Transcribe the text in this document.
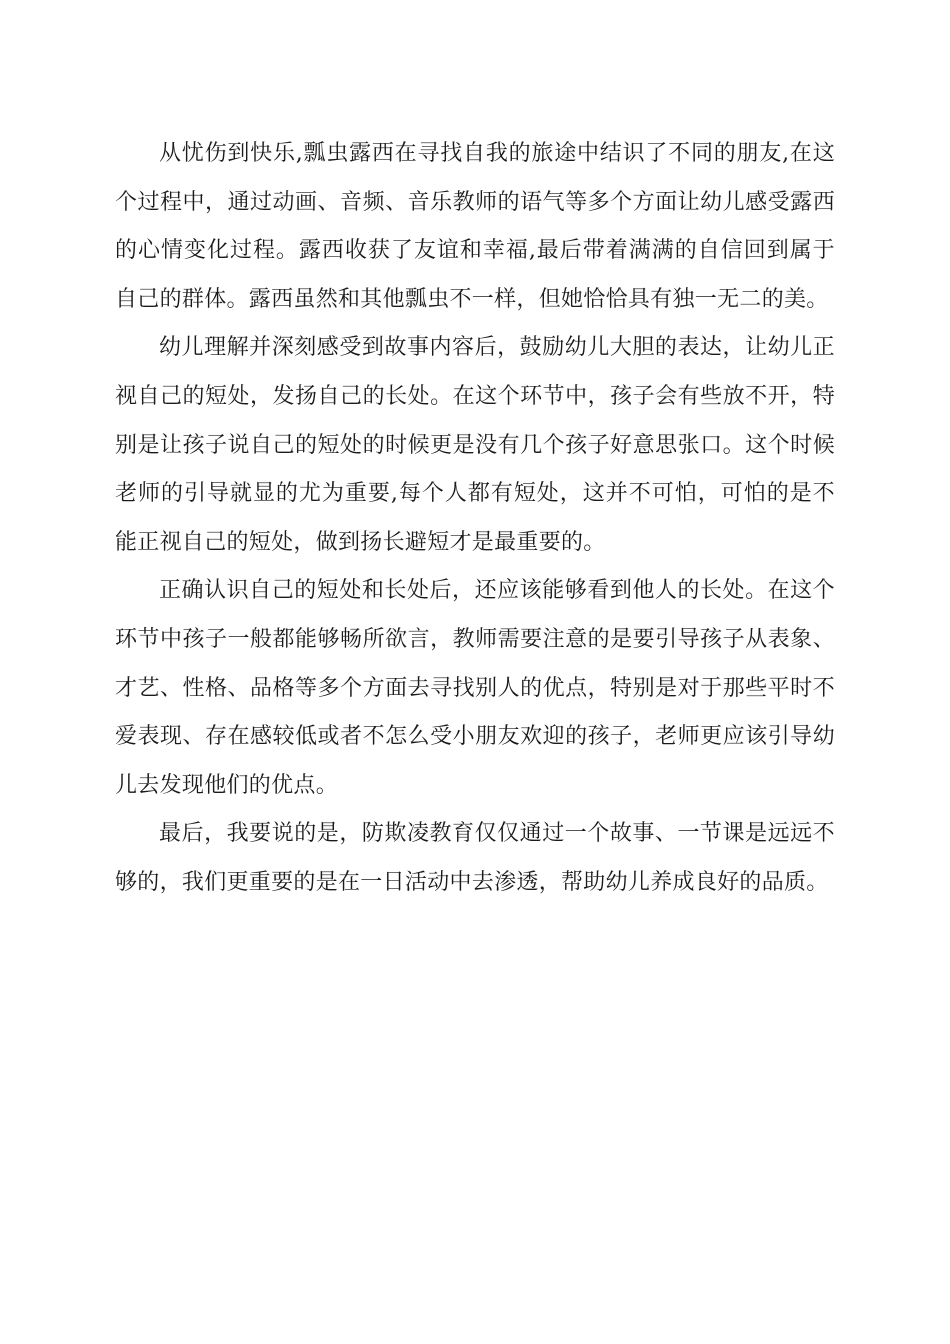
从忧伤到快乐,瓢虫露西在寻找自我的旅途中结识了不同的朋友,在这个过程中，通过动画、音频、音乐教师的语气等多个方面让幼儿感受露西的心情变化过程。露西收获了友谊和幸福,最后带着满满的自信回到属于自己的群体。露西虽然和其他瓢虫不一样，但她恰恰具有独一无二的美。

幼儿理解并深刻感受到故事内容后，鼓励幼儿大胆的表达，让幼儿正视自己的短处，发扬自己的长处。在这个环节中，孩子会有些放不开，特别是让孩子说自己的短处的时候更是没有几个孩子好意思张口。这个时候老师的引导就显的尤为重要,每个人都有短处，这并不可怕，可怕的是不能正视自己的短处，做到扬长避短才是最重要的。

正确认识自己的短处和长处后，还应该能够看到他人的长处。在这个环节中孩子一般都能够畅所欲言，教师需要注意的是要引导孩子从表象、才艺、性格、品格等多个方面去寻找别人的优点，特别是对于那些平时不爱表现、存在感较低或者不怎么受小朋友欢迎的孩子，老师更应该引导幼儿去发现他们的优点。

最后，我要说的是，防欺凌教育仅仅通过一个故事、一节课是远远不够的，我们更重要的是在一日活动中去渗透，帮助幼儿养成良好的品质。
